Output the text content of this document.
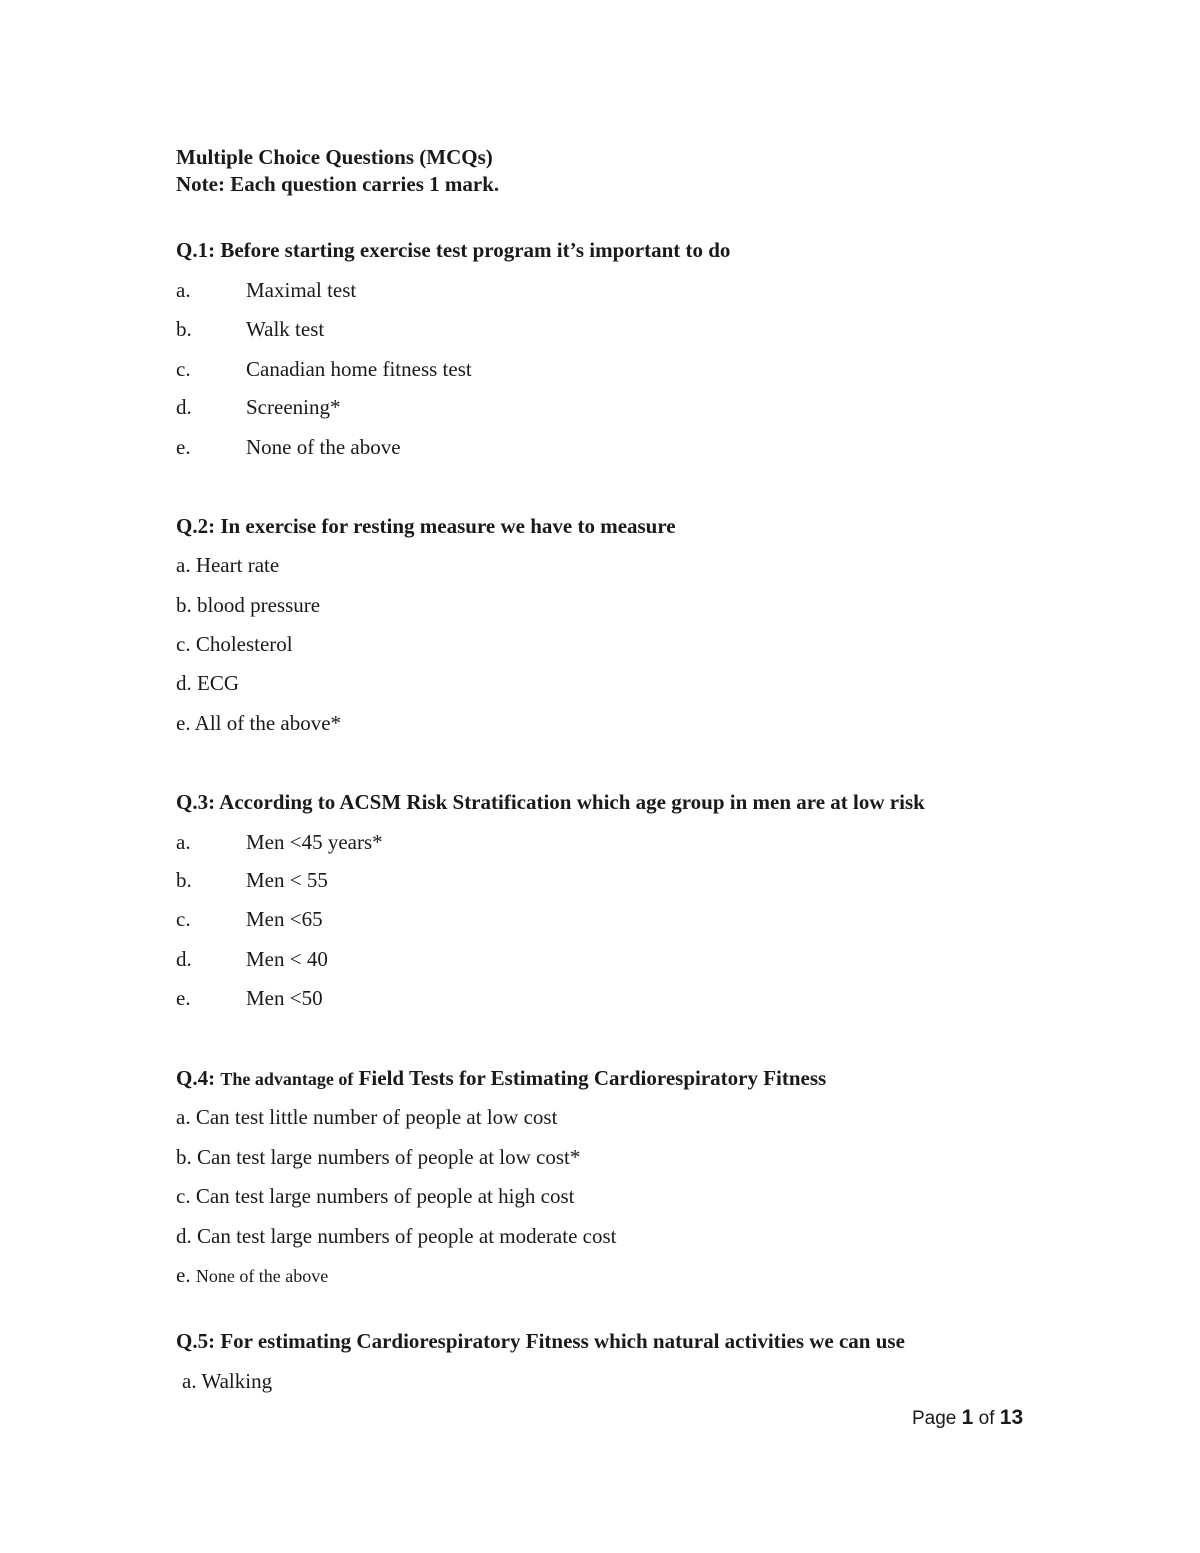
Multiple Choice Questions (MCQs)
Note: Each question carries 1 mark.
Q.1: Before starting exercise test program it’s important to do
a.	Maximal test
b.	Walk test
c.	Canadian home fitness test
d.	Screening*
e.	None of the above
Q.2: In exercise for resting measure we have to measure
a. Heart rate
b. blood pressure
c. Cholesterol
d. ECG
e. All of the above*
Q.3: According to ACSM Risk Stratification which age group in men are at low risk
a.	Men <45 years*
b.	Men < 55
c.	Men <65
d.	Men < 40
e.	Men <50
Q.4: The advantage of Field Tests for Estimating Cardiorespiratory Fitness
a. Can test little number of people at low cost
b. Can test large numbers of people at low cost*
c. Can test large numbers of people at high cost
d. Can test large numbers of people at moderate cost
e. None of the above
Q.5: For estimating Cardiorespiratory Fitness which natural activities we can use
a. Walking
Page 1 of 13
